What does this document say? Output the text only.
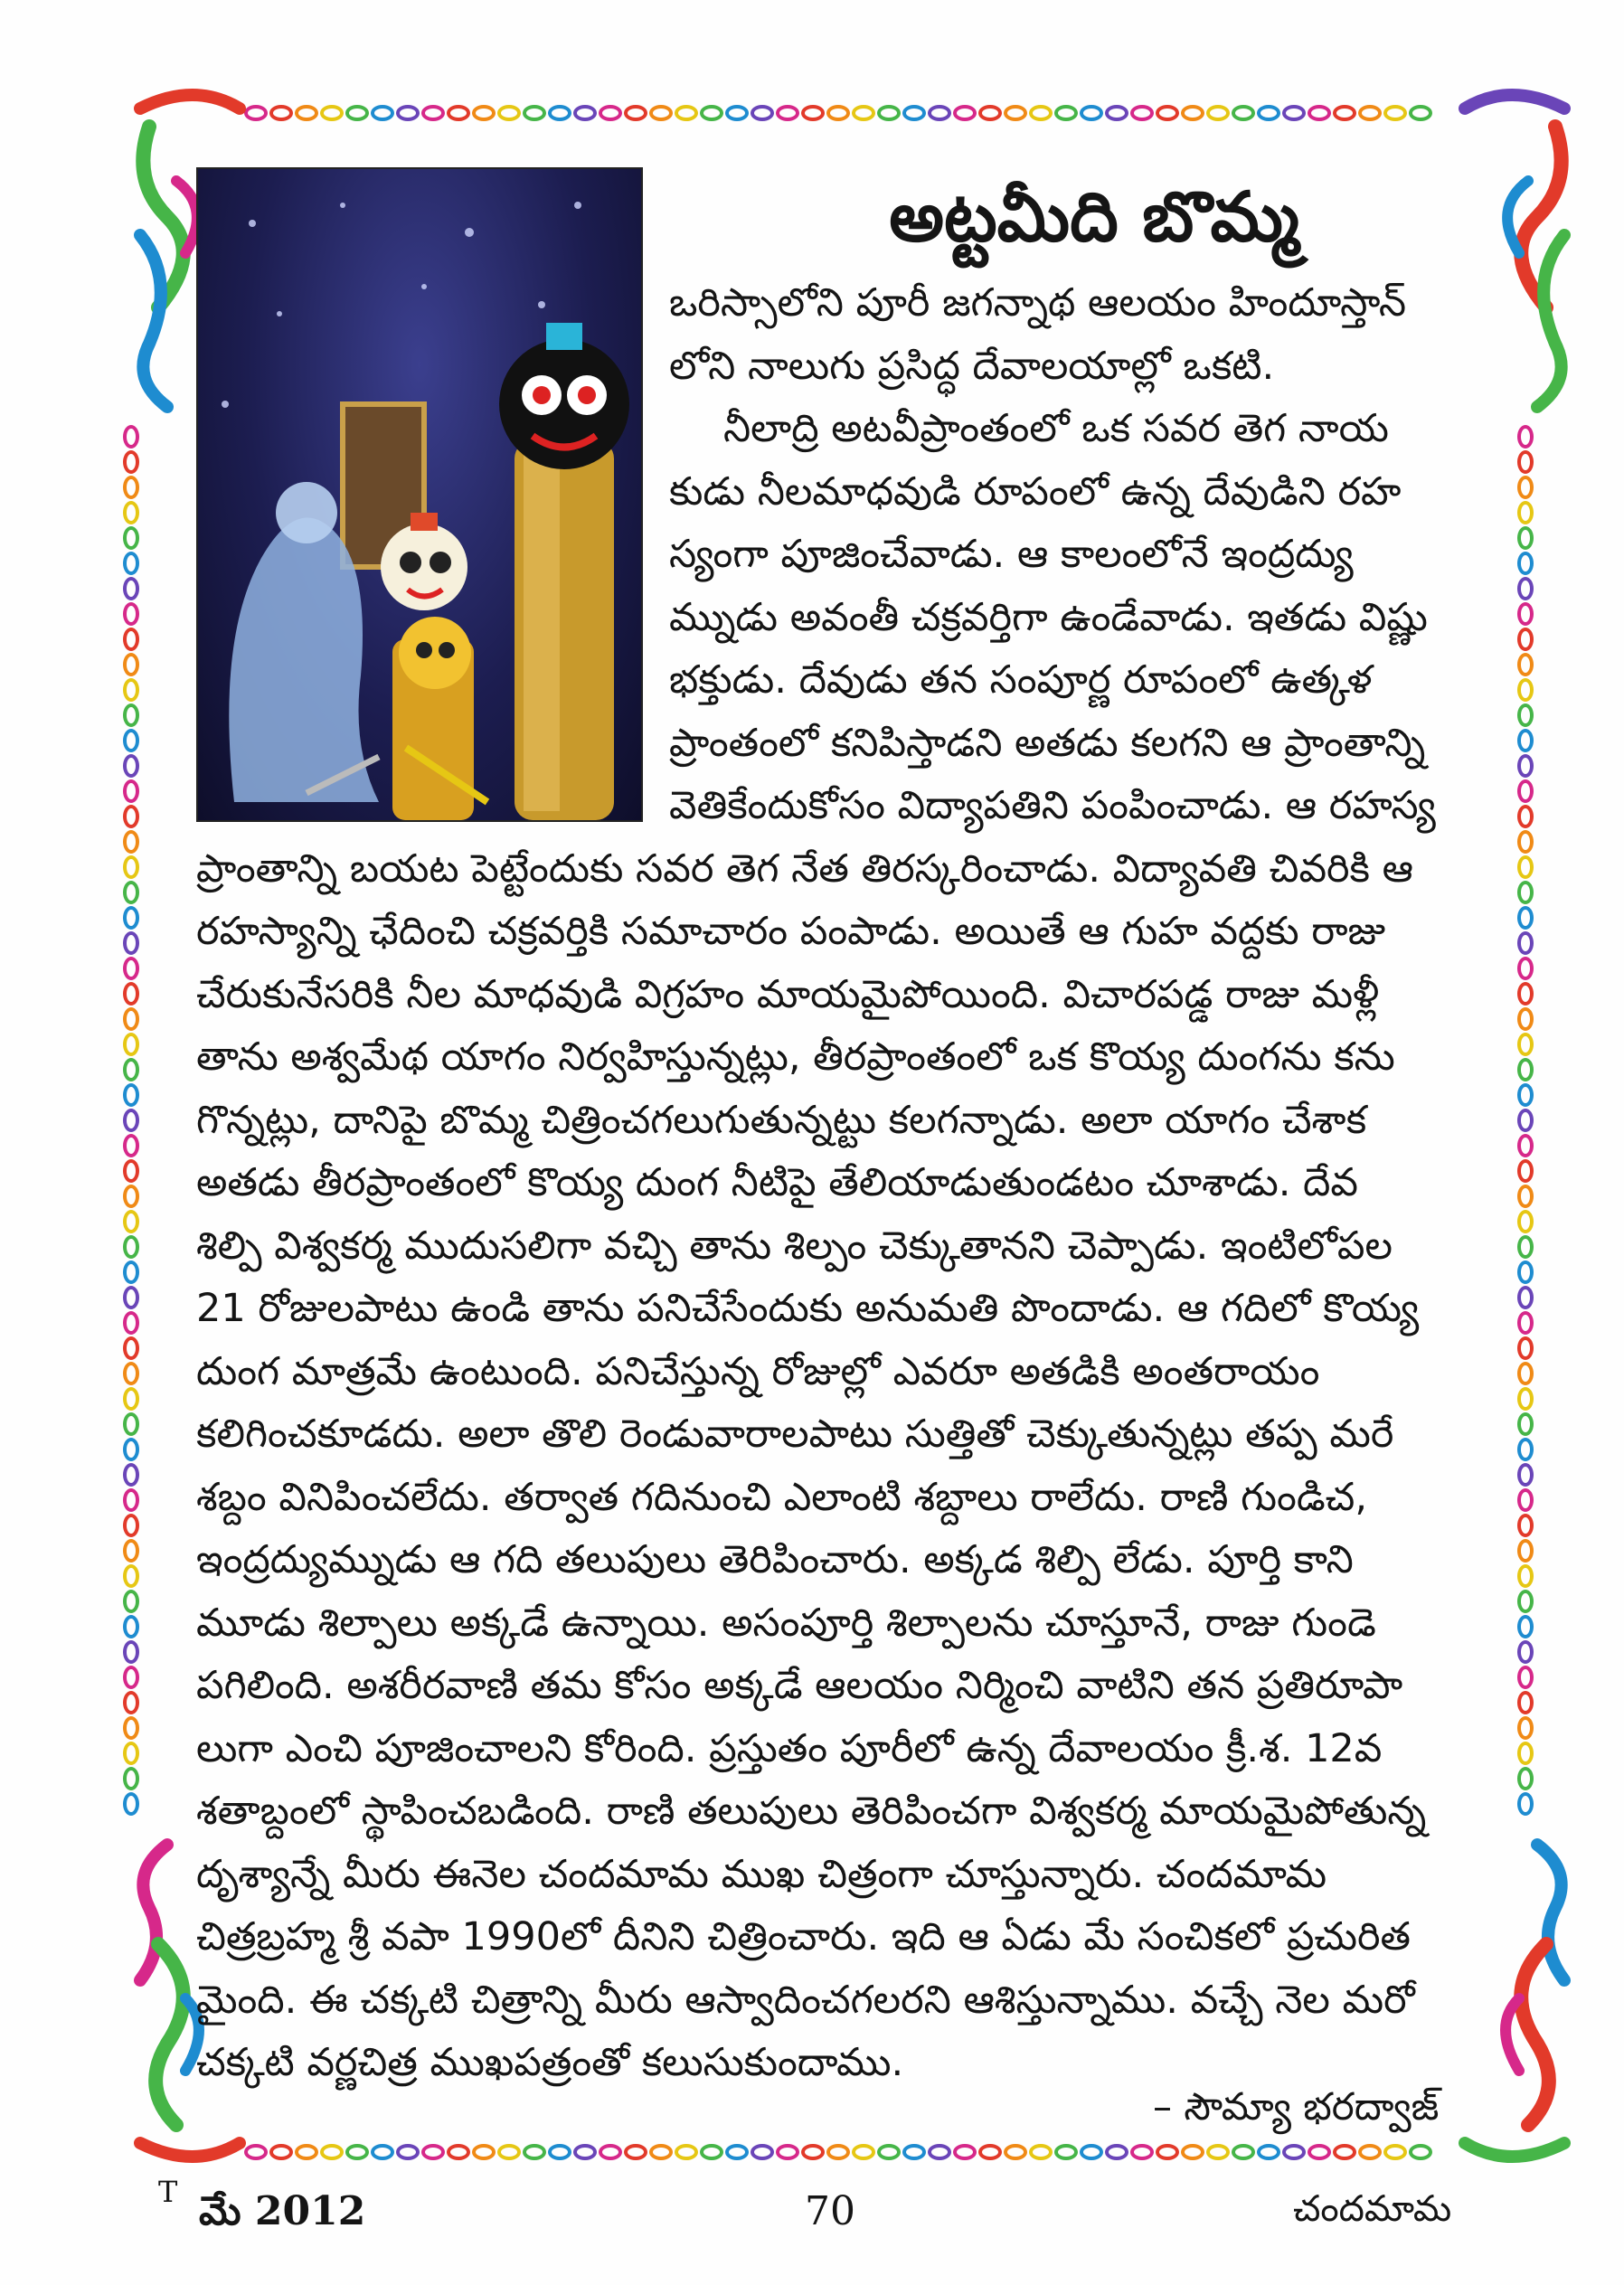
అట్టమీది బొమ్మ
ఒరిస్సాలోని పూరీ జగన్నాథ ఆలయం హిందూస్తాన్
లోని నాలుగు ప్రసిద్ధ దేవాలయాల్లో ఒకటి.
నీలాద్రి అటవీప్రాంతంలో ఒక సవర తెగ నాయ
కుడు నీలమాధవుడి రూపంలో ఉన్న దేవుడిని రహ
స్యంగా పూజించేవాడు. ఆ కాలంలోనే ఇంద్రద్యు
మ్నుడు అవంతీ చక్రవర్తిగా ఉండేవాడు. ఇతడు విష్ణు
భక్తుడు. దేవుడు తన సంపూర్ణ రూపంలో ఉత్కళ
ప్రాంతంలో కనిపిస్తాడని అతడు కలగని ఆ ప్రాంతాన్ని
వెతికేందుకోసం విద్యాపతిని పంపించాడు. ఆ రహస్య
ప్రాంతాన్ని బయట పెట్టేందుకు సవర తెగ నేత తిరస్కరించాడు. విద్యావతి చివరికి ఆ
రహస్యాన్ని ఛేదించి చక్రవర్తికి సమాచారం పంపాడు. అయితే ఆ గుహ వద్దకు రాజు
చేరుకునేసరికి నీల మాధవుడి విగ్రహం మాయమైపోయింది. విచారపడ్డ రాజు మళ్లీ
తాను అశ్వమేథ యాగం నిర్వహిస్తున్నట్లు, తీరప్రాంతంలో ఒక కొయ్య దుంగను కను
గొన్నట్లు, దానిపై బొమ్మ చిత్రించగలుగుతున్నట్టు కలగన్నాడు. అలా యాగం చేశాక
అతడు తీరప్రాంతంలో కొయ్య దుంగ నీటిపై తేలియాడుతుండటం చూశాడు. దేవ
శిల్పి విశ్వకర్మ ముదుసలిగా వచ్చి తాను శిల్పం చెక్కుతానని చెప్పాడు. ఇంటిలోపల
21 రోజులపాటు ఉండి తాను పనిచేసేందుకు అనుమతి పొందాడు. ఆ గదిలో కొయ్య
దుంగ మాత్రమే ఉంటుంది. పనిచేస్తున్న రోజుల్లో ఎవరూ అతడికి అంతరాయం
కలిగించకూడదు. అలా తొలి రెండువారాలపాటు సుత్తితో చెక్కుతున్నట్లు తప్ప మరే
శబ్దం వినిపించలేదు. తర్వాత గదినుంచి ఎలాంటి శబ్దాలు రాలేదు. రాణి గుండిచ,
ఇంద్రద్యుమ్నుడు ఆ గది తలుపులు తెరిపించారు. అక్కడ శిల్పి లేడు. పూర్తి కాని
మూడు శిల్పాలు అక్కడే ఉన్నాయి. అసంపూర్తి శిల్పాలను చూస్తూనే, రాజు గుండె
పగిలింది. అశరీరవాణి తమ కోసం అక్కడే ఆలయం నిర్మించి వాటిని తన ప్రతిరూపా
లుగా ఎంచి పూజించాలని కోరింది. ప్రస్తుతం పూరీలో ఉన్న దేవాలయం క్రీ.శ. 12వ
శతాబ్దంలో స్థాపించబడింది. రాణి తలుపులు తెరిపించగా విశ్వకర్మ మాయమైపోతున్న
దృశ్యాన్నే మీరు ఈనెల చందమామ ముఖ చిత్రంగా చూస్తున్నారు. చందమామ
చిత్రబ్రహ్మ శ్రీ వపా 1990లో దీనిని చిత్రించారు. ఇది ఆ ఏడు మే సంచికలో ప్రచురిత
మైంది. ఈ చక్కటి చిత్రాన్ని మీరు ఆస్వాదించగలరని ఆశిస్తున్నాము. వచ్చే నెల మరో
చక్కటి వర్ణచిత్ర ముఖపత్రంతో కలుసుకుందాము.
– సౌమ్యా భరద్వాజ్
T మే 2012	70	చందమామ
